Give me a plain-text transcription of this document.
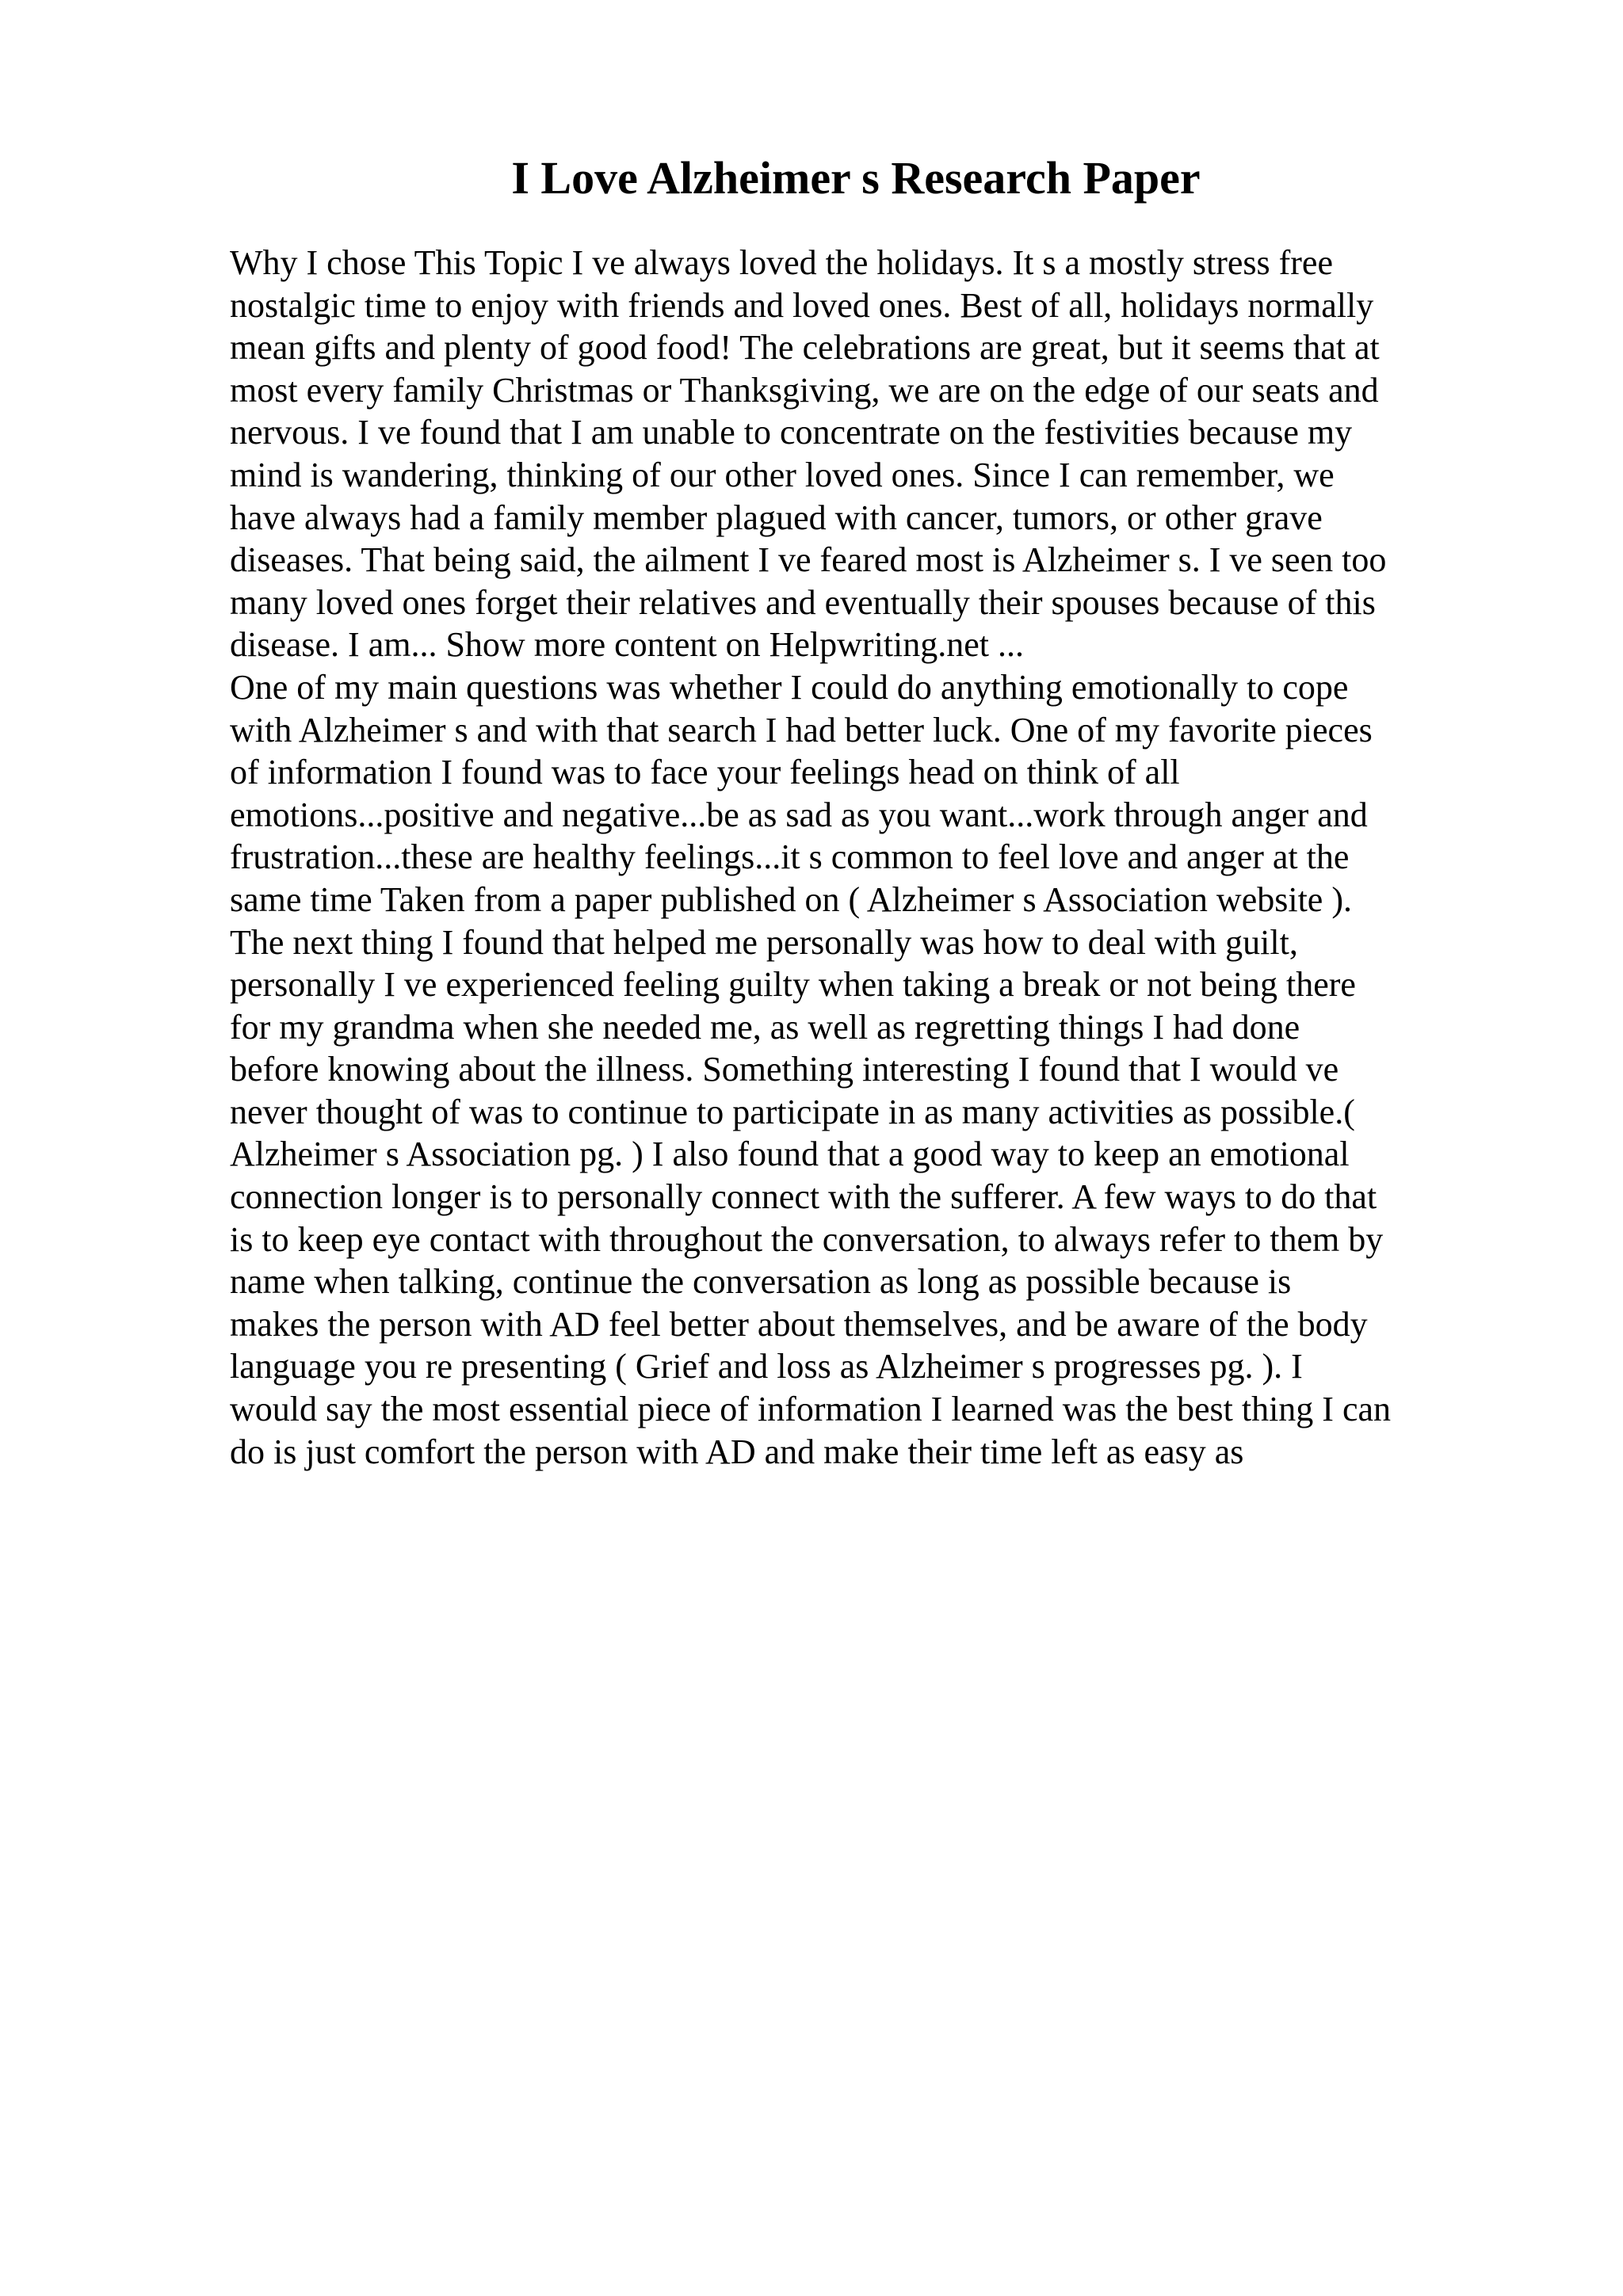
I Love Alzheimer s Research Paper
Why I chose This Topic I ve always loved the holidays. It s a mostly stress free
nostalgic time to enjoy with friends and loved ones. Best of all, holidays normally
mean gifts and plenty of good food! The celebrations are great, but it seems that at
most every family Christmas or Thanksgiving, we are on the edge of our seats and
nervous. I ve found that I am unable to concentrate on the festivities because my
mind is wandering, thinking of our other loved ones. Since I can remember, we
have always had a family member plagued with cancer, tumors, or other grave
diseases. That being said, the ailment I ve feared most is Alzheimer s. I ve seen too
many loved ones forget their relatives and eventually their spouses because of this
disease. I am... Show more content on Helpwriting.net ...
One of my main questions was whether I could do anything emotionally to cope
with Alzheimer s and with that search I had better luck. One of my favorite pieces
of information I found was to face your feelings head on think of all
emotions...positive and negative...be as sad as you want...work through anger and
frustration...these are healthy feelings...it s common to feel love and anger at the
same time Taken from a paper published on ( Alzheimer s Association website ).
The next thing I found that helped me personally was how to deal with guilt,
personally I ve experienced feeling guilty when taking a break or not being there
for my grandma when she needed me, as well as regretting things I had done
before knowing about the illness. Something interesting I found that I would ve
never thought of was to continue to participate in as many activities as possible.(
Alzheimer s Association pg. ) I also found that a good way to keep an emotional
connection longer is to personally connect with the sufferer. A few ways to do that
is to keep eye contact with throughout the conversation, to always refer to them by
name when talking, continue the conversation as long as possible because is
makes the person with AD feel better about themselves, and be aware of the body
language you re presenting ( Grief and loss as Alzheimer s progresses pg. ). I
would say the most essential piece of information I learned was the best thing I can
do is just comfort the person with AD and make their time left as easy as
